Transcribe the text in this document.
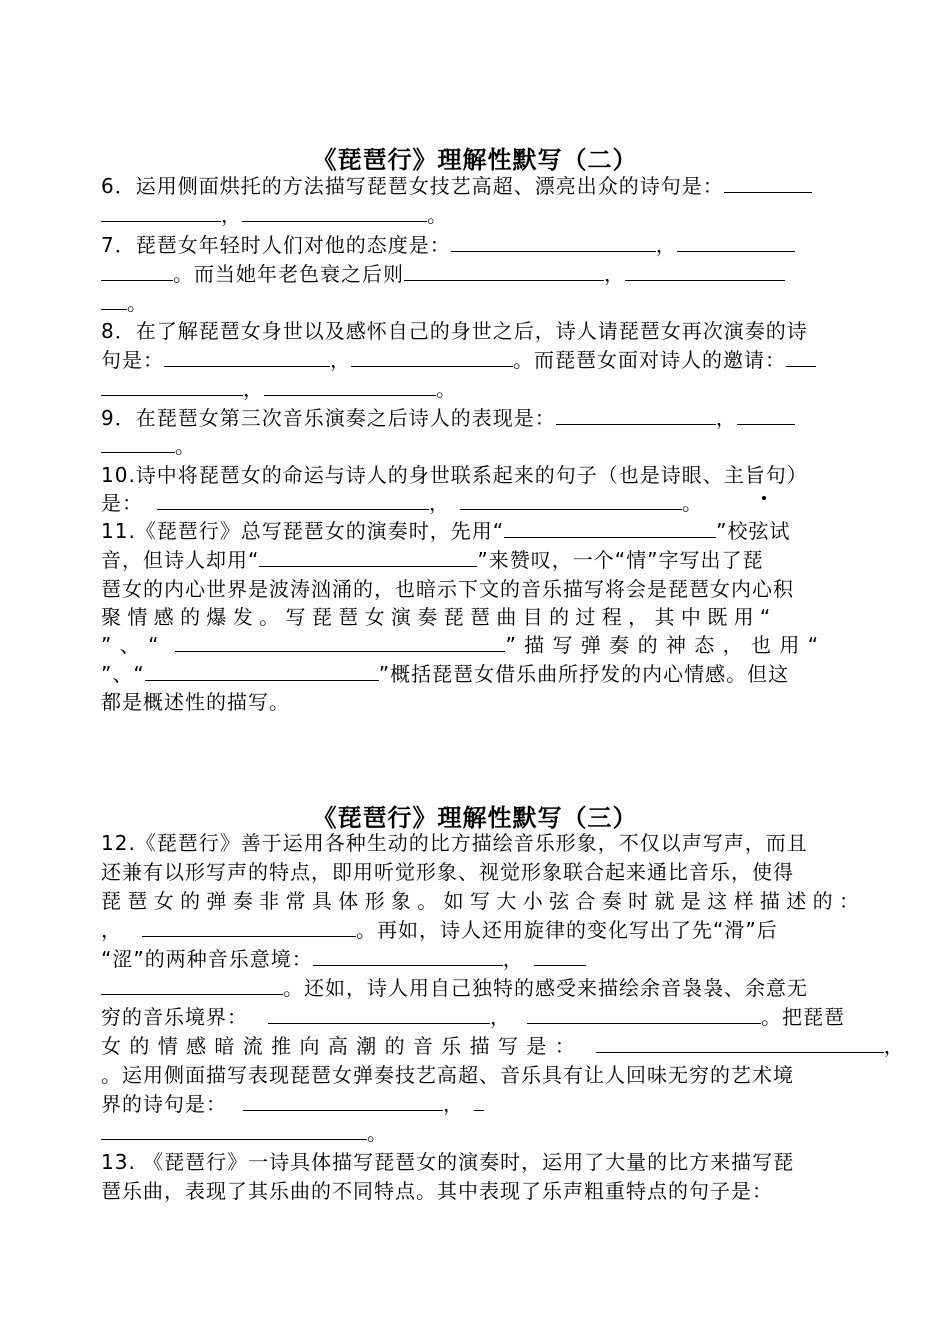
《琵琶行》理解性默写（二）
6．运用侧面烘托的方法描写琵琶女技艺高超、漂亮出众的诗句是：
，	。
7．琵琶女年轻时人们对他的态度是：	，
。而当她年老色衰之后则	，
。
8．在了解琵琶女身世以及感怀自己的身世之后，诗人请琵琶女再次演奏的诗
句是：	，	。而琵琶女面对诗人的邀请：
，	。
9．在琵琶女第三次音乐演奏之后诗人的表现是：	，
。
10.诗中将琵琶女的命运与诗人的身世联系起来的句子（也是诗眼、主旨句）
是：	，	。
11.《琵琶行》总写琵琶女的演奏时，先用“	”校弦试
音，但诗人却用“	”来赞叹，一个“情”字写出了琵
琶女的内心世界是波涛汹涌的，也暗示下文的音乐描写将会是琵琶女内心积
聚 情 感 的 爆 发 。 写 琵 琶 女 演 奏 琵 琶 曲 目 的 过 程 ， 其 中 既 用 “
” 、 “	” 描 写 弹 奏 的 神 态 ， 也 用 “
”、“	”概括琵琶女借乐曲所抒发的内心情感。但这
都是概述性的描写。
《琵琶行》理解性默写（三）
12.《琵琶行》善于运用各种生动的比方描绘音乐形象，不仅以声写声，而且
还兼有以形写声的特点，即用听觉形象、视觉形象联合起来通比音乐，使得
琵 琶 女 的 弹 奏 非 常 具 体 形 象 。 如 写 大 小 弦 合 奏 时 就 是 这 样 描 述 的 ：
，	。再如，诗人还用旋律的变化写出了先“滑”后
“涩”的两种音乐意境：	，
。还如，诗人用自己独特的感受来描绘余音袅袅、余意无
穷的音乐境界：	，	。把琵琶
女 的 情 感 暗 流 推 向 高 潮 的 音 乐 描 写 是 ：	，
。运用侧面描写表现琵琶女弹奏技艺高超、音乐具有让人回味无穷的艺术境
界的诗句是：	，
。
13. 《琵琶行》一诗具体描写琵琶女的演奏时，运用了大量的比方来描写琵
琶乐曲，表现了其乐曲的不同特点。其中表现了乐声粗重特点的句子是：
